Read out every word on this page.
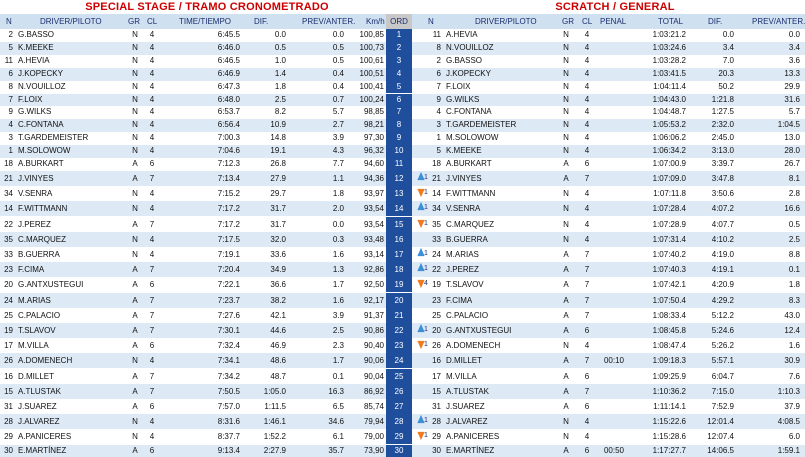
SPECIAL STAGE / TRAMO CRONOMETRADO	SCRATCH / GENERAL
N	DRIVER/PILOTO	GR CL	TIME/TIEMPO	DIF.	PREV/ANTER. Km/h ORD	N	DRIVER/PILOTO	GR CL PENAL	TOTAL	DIF.	PREV/ANTER.
2 G.BASSO	N	4	6:45.5	0.0	0.0	100,85	1	11 A.HEVIA	N	4	1:03:21.2	0.0	0.0
5 K.MEEKE	N	4	6:46.0	0.5	0.5	100,73	2	8 N.VOUILLOZ	N	4	1:03:24.6	3.4	3.4
11 A.HEVIA	N	4	6:46.5	1.0	0.5	100,61	3	2 G.BASSO	N	4	1:03:28.2	7.0	3.6
6 J.KOPECKY	N	4	6:46.9	1.4	0.4	100,51	4	6 J.KOPECKY	N	4	1:03:41.5	20.3	13.3
8 N.VOUILLOZ	N	4	6:47.3	1.8	0.4	100,41	5	7 F.LOIX	N	4	1:04:11.4	50.2	29.9
7 F.LOIX	N	4	6:48.0	2.5	0.7	100,24	6	9 G.WILKS	N	4	1:04:43.0	1:21.8	31.6
9 G.WILKS	N	4	6:53.7	8.2	5.7	98,85	7	4 C.FONTANA	N	4	1:04:48.7	1:27.5	5.7
4 C.FONTANA	N	4	6:56.4	10.9	2.7	98,21	8	3 T.GARDEMEISTER	N	4	1:05:53.2	2:32.0	1:04.5
3 T.GARDEMEISTER	N	4	7:00.3	14.8	3.9	97,30	9	1 M.SOLOWOW	N	4	1:06:06.2	2:45.0	13.0
1 M.SOLOWOW	N	4	7:04.6	19.1	4.3	96,32	10	5 K.MEEKE	N	4	1:06:34.2	3:13.0	28.0
18 A.BURKART	A	6	7:12.3	26.8	7.7	94,60	11	18 A.BURKART	A	6	1:07:00.9	3:39.7	26.7
21 J.VINYES	A	7	7:13.4	27.9	1.1	94,36	12	1 21 J.VINYES	A	7	1:07:09.0	3:47.8	8.1
34 V.SENRA	N	4	7:15.2	29.7	1.8	93,97	13	1 14 F.WITTMANN	N	4	1:07:11.8	3:50.6	2.8
14 F.WITTMANN	N	4	7:17.2	31.7	2.0	93,54	14	1 34 V.SENRA	N	4	1:07:28.4	4:07.2	16.6
22 J.PEREZ	A	7	7:17.2	31.7	0.0	93,54	15	1 35 C.MARQUEZ	N	4	1:07:28.9	4:07.7	0.5
35 C.MARQUEZ	N	4	7:17.5	32.0	0.3	93,48	16	33 B.GUERRA	N	4	1:07:31.4	4:10.2	2.5
33 B.GUERRA	N	4	7:19.1	33.6	1.6	93,14	17	1 24 M.ARIAS	A	7	1:07:40.2	4:19.0	8.8
23 F.CIMA	A	7	7:20.4	34.9	1.3	92,86	18	1 22 J.PEREZ	A	7	1:07:40.3	4:19.1	0.1
20 G.ANTXUSTEGUI	A	6	7:22.1	36.6	1.7	92,50	19	4 19 T.SLAVOV	A	7	1:07:42.1	4:20.9	1.8
24 M.ARIAS	A	7	7:23.7	38.2	1.6	92,17	20	23 F.CIMA	A	7	1:07:50.4	4:29.2	8.3
25 C.PALACIO	A	7	7:27.6	42.1	3.9	91,37	21	25 C.PALACIO	A	7	1:08:33.4	5:12.2	43.0
19 T.SLAVOV	A	7	7:30.1	44.6	2.5	90,86	22	1 20 G.ANTXUSTEGUI	A	6	1:08:45.8	5:24.6	12.4
17 M.VILLA	A	6	7:32.4	46.9	2.3	90,40	23	1 26 A.DOMENECH	N	4	1:08:47.4	5:26.2	1.6
26 A.DOMENECH	N	4	7:34.1	48.6	1.7	90,06	24	16 D.MILLET	A	7	00:10	1:09:18.3	5:57.1	30.9
16 D.MILLET	A	7	7:34.2	48.7	0.1	90,04	25	17 M.VILLA	A	6	1:09:25.9	6:04.7	7.6
15 A.TLUSTAK	A	7	7:50.5	1:05.0	16.3	86,92	26	15 A.TLUSTAK	A	7	1:10:36.2	7:15.0	1:10.3
31 J.SUAREZ	A	6	7:57.0	1:11.5	6.5	85,74	27	31 J.SUAREZ	A	6	1:11:14.1	7:52.9	37.9
28 J.ALVAREZ	N	4	8:31.6	1:46.1	34.6	79,94	28	1 28 J.ALVAREZ	N	4	1:15:22.6	12:01.4	4:08.5
29 A.PANICERES	N	4	8:37.7	1:52.2	6.1	79,00	29	1 29 A.PANICERES	N	4	1:15:28.6	12:07.4	6.0
30 E.MARTÍNEZ	A	6	9:13.4	2:27.9	35.7	73,90	30	30 E.MARTÍNEZ	A	6	00:50	1:17:27.7	14:06.5	1:59.1
